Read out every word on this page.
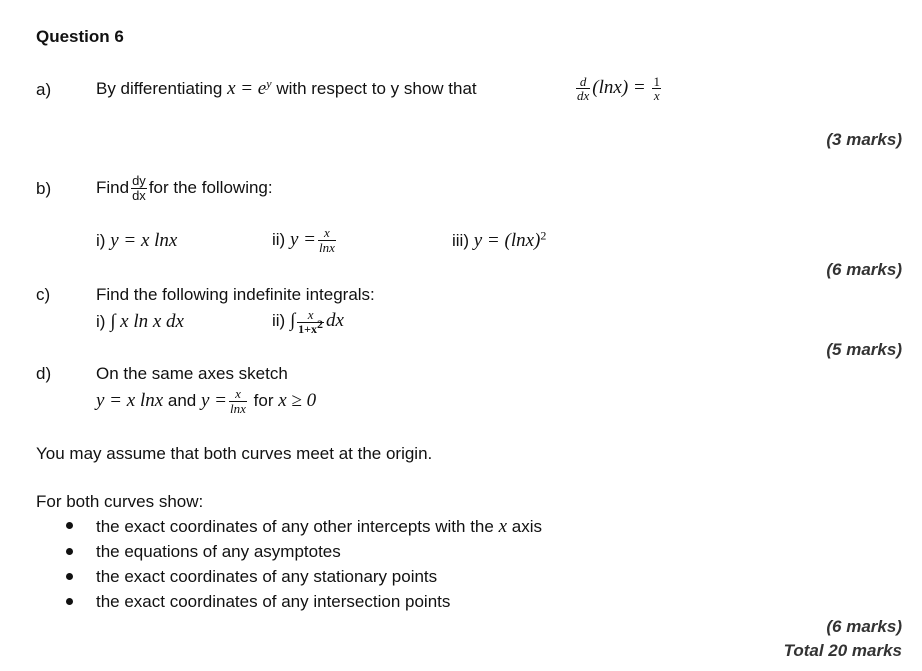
Question 6
a)	By differentiating $x = e^y$ with respect to y show that	$\frac{d}{dx} (\ln x) = \frac{1}{x}$
(3 marks)
b)	Find $\frac{dy}{dx}$ for the following:
i) y = x lnx	ii) $y = \frac{x}{\ln x}$	iii) $y = (\ln x)^2$
(6 marks)
c)	Find the following indefinite integrals:
i) ∫ x ln x dx	ii) ∫ $\frac{x}{1+x2}$ dx
(5 marks)
d)	On the same axes sketch
y = x lnx and $y = \frac{x}{\ln x}$ for x ≥ 0
You may assume that both curves meet at the origin.
For both curves show:
the exact coordinates of any other intercepts with the x axis
the equations of any asymptotes
the exact coordinates of any stationary points
the exact coordinates of any intersection points
(6 marks)
Total 20 marks
